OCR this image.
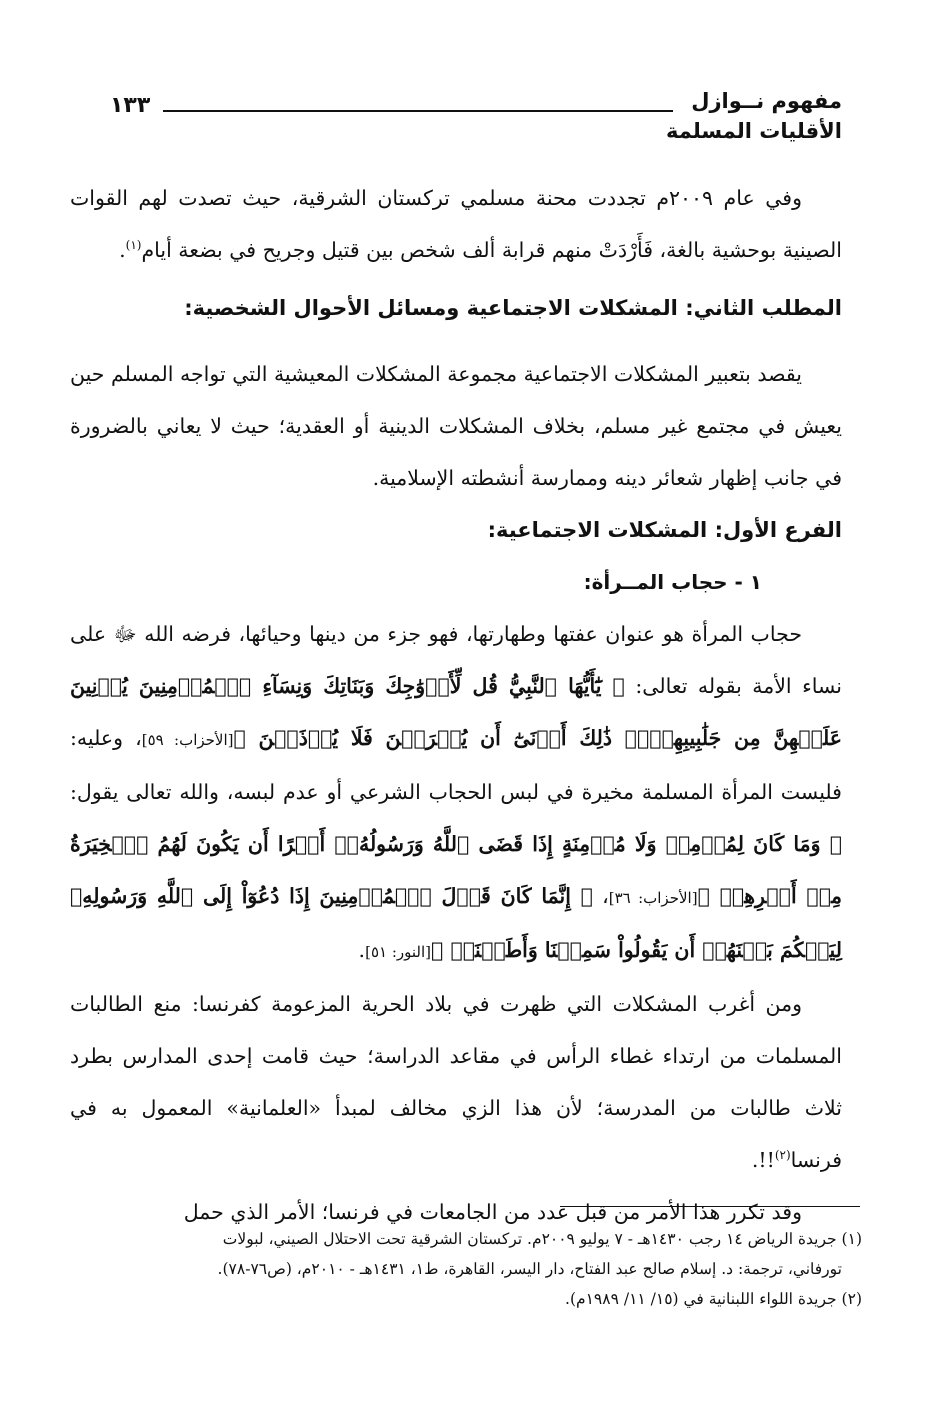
مفهوم نــوازل
الأقليات المسلمة
١٣٣

وفي عام ٢٠٠٩م تجددت محنة مسلمي تركستان الشرقية، حيث تصدت لهم القوات الصينية بوحشية بالغة، فَأَرْدَتْ منهم قرابة ألف شخص بين قتيل وجريح في بضعة أيام$^{(١)}$.

المطلب الثاني: المشكلات الاجتماعية ومسائل الأحوال الشخصية:

يقصد بتعبير المشكلات الاجتماعية مجموعة المشكلات المعيشية التي تواجه المسلم حين يعيش في مجتمع غير مسلم، بخلاف المشكلات الدينية أو العقدية؛ حيث لا يعاني بالضرورة في جانب إظهار شعائر دينه وممارسة أنشطته الإسلامية.

الفرع الأول: المشكلات الاجتماعية:
١ - حجاب المــرأة:

حجاب المرأة هو عنوان عفتها وطهارتها، فهو جزء من دينها وحيائها، فرضه الله ﷻ على نساء الأمة بقوله تعالى: ﴿ يَٰٓأَيُّهَا ٱلنَّبِيُّ قُل لِّأَزۡوَٰجِكَ وَبَنَاتِكَ وَنِسَآءِ ٱلۡمُؤۡمِنِينَ يُدۡنِينَ عَلَيۡهِنَّ مِن جَلَٰبِيبِهِنَّۚ ذَٰلِكَ أَدۡنَىٰٓ أَن يُعۡرَفۡنَ فَلَا يُؤۡذَيۡنَ ﴾[الأحزاب: ٥٩]، وعليه: فليست المرأة المسلمة مخيرة في لبس الحجاب الشرعي أو عدم لبسه، والله تعالى يقول: ﴿ وَمَا كَانَ لِمُؤۡمِنٖ وَلَا مُؤۡمِنَةٍ إِذَا قَضَى ٱللَّهُ وَرَسُولُهُۥٓ أَمۡرًا أَن يَكُونَ لَهُمُ ٱلۡخِيَرَةُ مِنۡ أَمۡرِهِمۡ ﴾[الأحزاب: ٣٦]، ﴿ إِنَّمَا كَانَ قَوۡلَ ٱلۡمُؤۡمِنِينَ إِذَا دُعُوٓاْ إِلَى ٱللَّهِ وَرَسُولِهِۦ لِيَحۡكُمَ بَيۡنَهُمۡ أَن يَقُولُواْ سَمِعۡنَا وَأَطَعۡنَاۚ ﴾[النور: ٥١].

ومن أغرب المشكلات التي ظهرت في بلاد الحرية المزعومة كفرنسا: منع الطالبات المسلمات من ارتداء غطاء الرأس في مقاعد الدراسة؛ حيث قامت إحدى المدارس بطرد ثلاث طالبات من المدرسة؛ لأن هذا الزي مخالف لمبدأ «العلمانية» المعمول به في فرنسا$^{(٢)}$!!.

وقد تكرر هذا الأمر من قبل عدد من الجامعات في فرنسا؛ الأمر الذي حمل

(١) جريدة الرياض ١٤ رجب ١٤٣٠هـ - ٧ يوليو ٢٠٠٩م. تركستان الشرقية تحت الاحتلال الصيني، لبولات
تورفاني، ترجمة: د. إسلام صالح عبد الفتاح، دار اليسر، القاهرة، ط١، ١٤٣١هـ - ٢٠١٠م، (ص٧٦-٧٨).

(٢) جريدة اللواء اللبنانية في (١٥/ ١١/ ١٩٨٩م).
